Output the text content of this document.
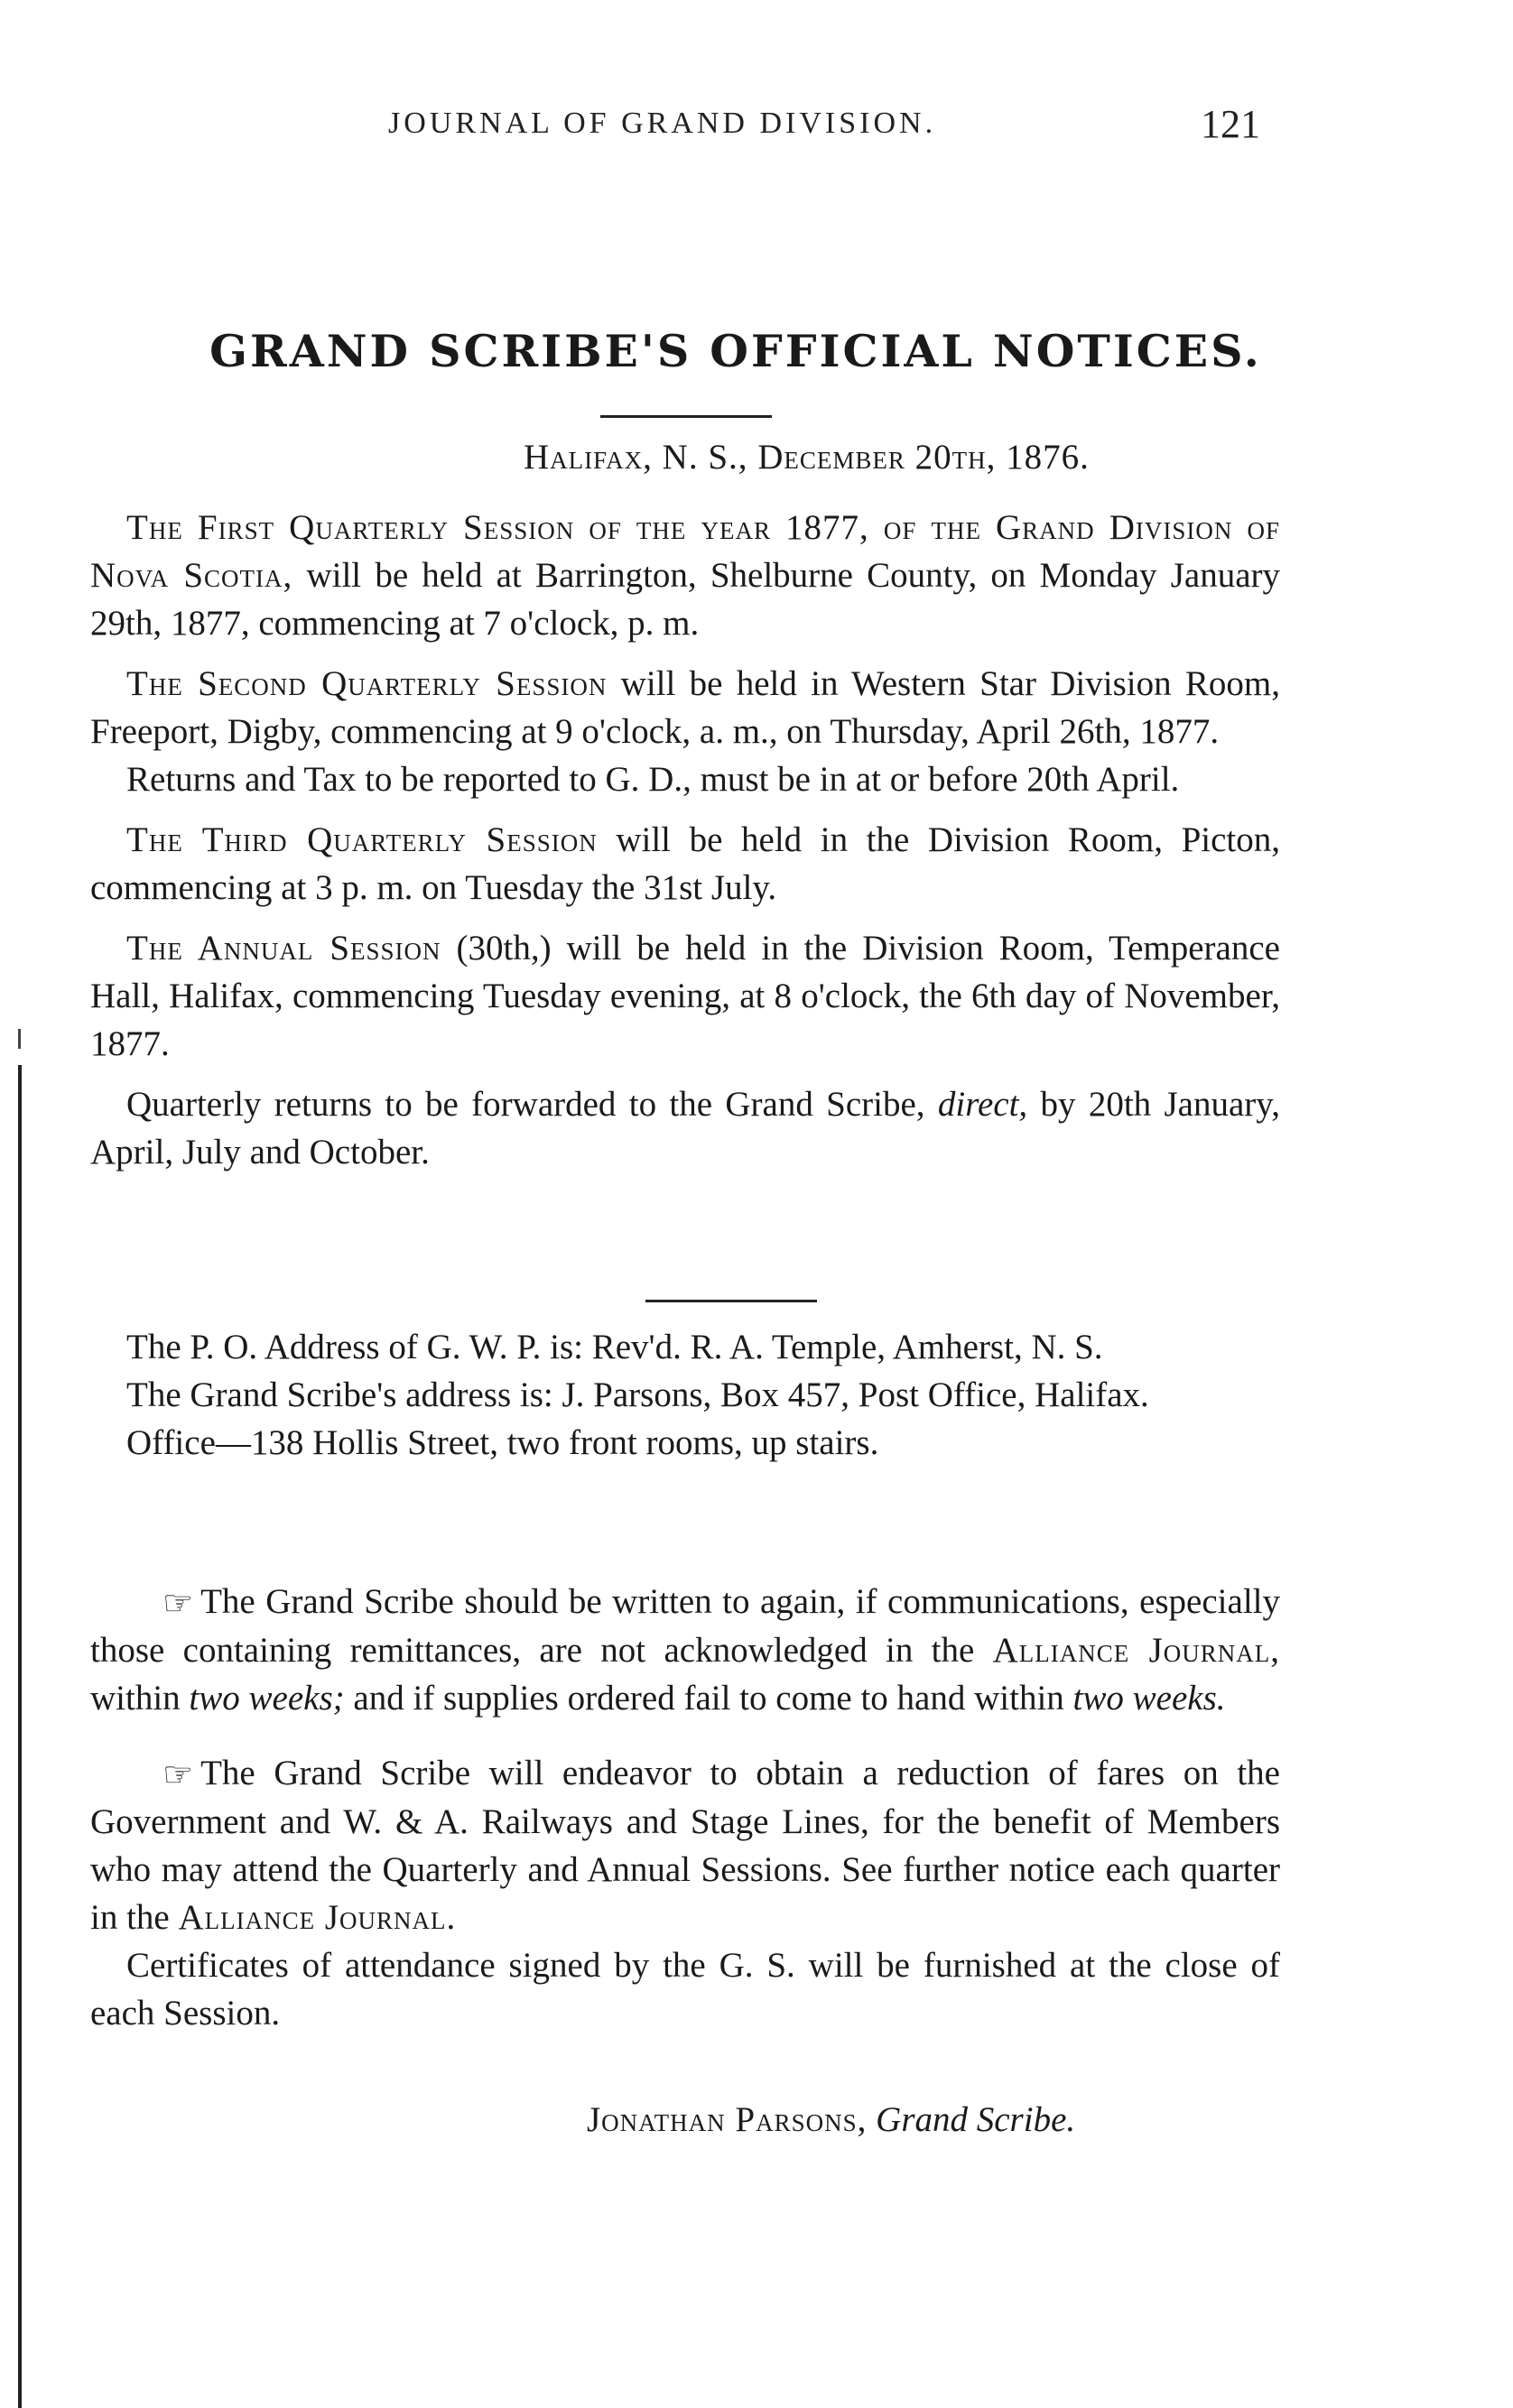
JOURNAL OF GRAND DIVISION.	121
GRAND SCRIBE'S OFFICIAL NOTICES.
Halifax, N. S., December 20th, 1876.

The First Quarterly Session of the year 1877, of the Grand Division of Nova Scotia, will be held at Barrington, Shelburne County, on Monday January 29th, 1877, commencing at 7 o'clock, p. m.

The Second Quarterly Session will be held in Western Star Division Room, Freeport, Digby, commencing at 9 o'clock, a. m., on Thursday, April 26th, 1877.

Returns and Tax to be reported to G. D., must be in at or before 20th April.

The Third Quarterly Session will be held in the Division Room, Picton, commencing at 3 p. m. on Tuesday the 31st July.

The Annual Session (30th,) will be held in the Division Room, Temperance Hall, Halifax, commencing Tuesday evening, at 8 o'clock, the 6th day of November, 1877.

Quarterly returns to be forwarded to the Grand Scribe, direct, by 20th January, April, July and October.

The P. O. Address of G. W. P. is: Rev'd. R. A. Temple, Amherst, N. S.

The Grand Scribe's address is: J. Parsons, Box 457, Post Office, Halifax.

Office—138 Hollis Street, two front rooms, up stairs.

☞ The Grand Scribe should be written to again, if communications, especially those containing remittances, are not acknowledged in the Alliance Journal, within two weeks; and if supplies ordered fail to come to hand within two weeks.

☞ The Grand Scribe will endeavor to obtain a reduction of fares on the Government and W. & A. Railways and Stage Lines, for the benefit of Members who may attend the Quarterly and Annual Sessions. See further notice each quarter in the Alliance Journal.

Certificates of attendance signed by the G. S. will be furnished at the close of each Session.

Jonathan Parsons, Grand Scribe.
